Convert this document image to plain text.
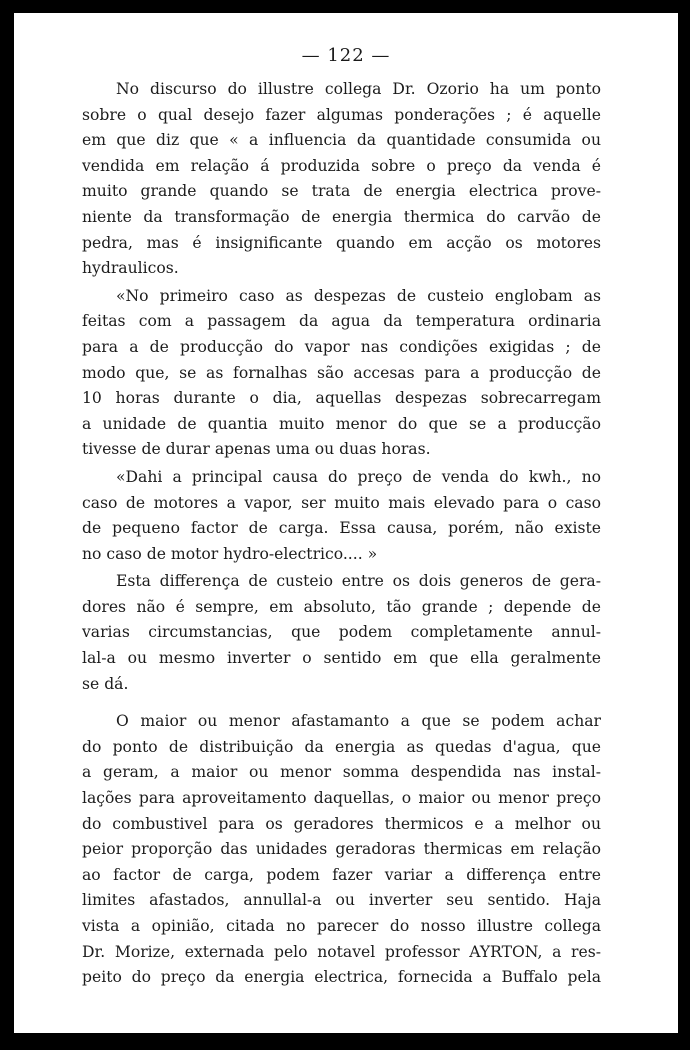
— 122 —
No discurso do illustre collega Dr. Ozorio ha um ponto
sobre o qual desejo fazer algumas ponderações ; é aquelle
em que diz que « a influencia da quantidade consumida ou
vendida em relação á produzida sobre o preço da venda é
muito grande quando se trata de energia electrica prove-
niente da transformação de energia thermica do carvão de
pedra, mas é insignificante quando em acção os motores
hydraulicos.
«No primeiro caso as despezas de custeio englobam as
feitas com a passagem da agua da temperatura ordinaria
para a de producção do vapor nas condições exigidas ; de
modo que, se as fornalhas são accesas para a producção de
10 horas durante o dia, aquellas despezas sobrecarregam
a unidade de quantia muito menor do que se a producção
tivesse de durar apenas uma ou duas horas.
«Dahi a principal causa do preço de venda do kwh., no
caso de motores a vapor, ser muito mais elevado para o caso
de pequeno factor de carga. Essa causa, porém, não existe
no caso de motor hydro-electrico.... »
Esta differença de custeio entre os dois generos de gera-
dores não é sempre, em absoluto, tão grande ; depende de
varias circumstancias, que podem completamente annul-
lal-a ou mesmo inverter o sentido em que ella geralmente
se dá.
O maior ou menor afastamanto a que se podem achar
do ponto de distribuição da energia as quedas d'agua, que
a geram, a maior ou menor somma despendida nas instal-
lações para aproveitamento daquellas, o maior ou menor preço
do combustivel para os geradores thermicos e a melhor ou
peior proporção das unidades geradoras thermicas em relação
ao factor de carga, podem fazer variar a differença entre
limites afastados, annullal-a ou inverter seu sentido. Haja
vista a opinião, citada no parecer do nosso illustre collega
Dr. Morize, externada pelo notavel professor AYRTON, a res-
peito do preço da energia electrica, fornecida a Buffalo pela
